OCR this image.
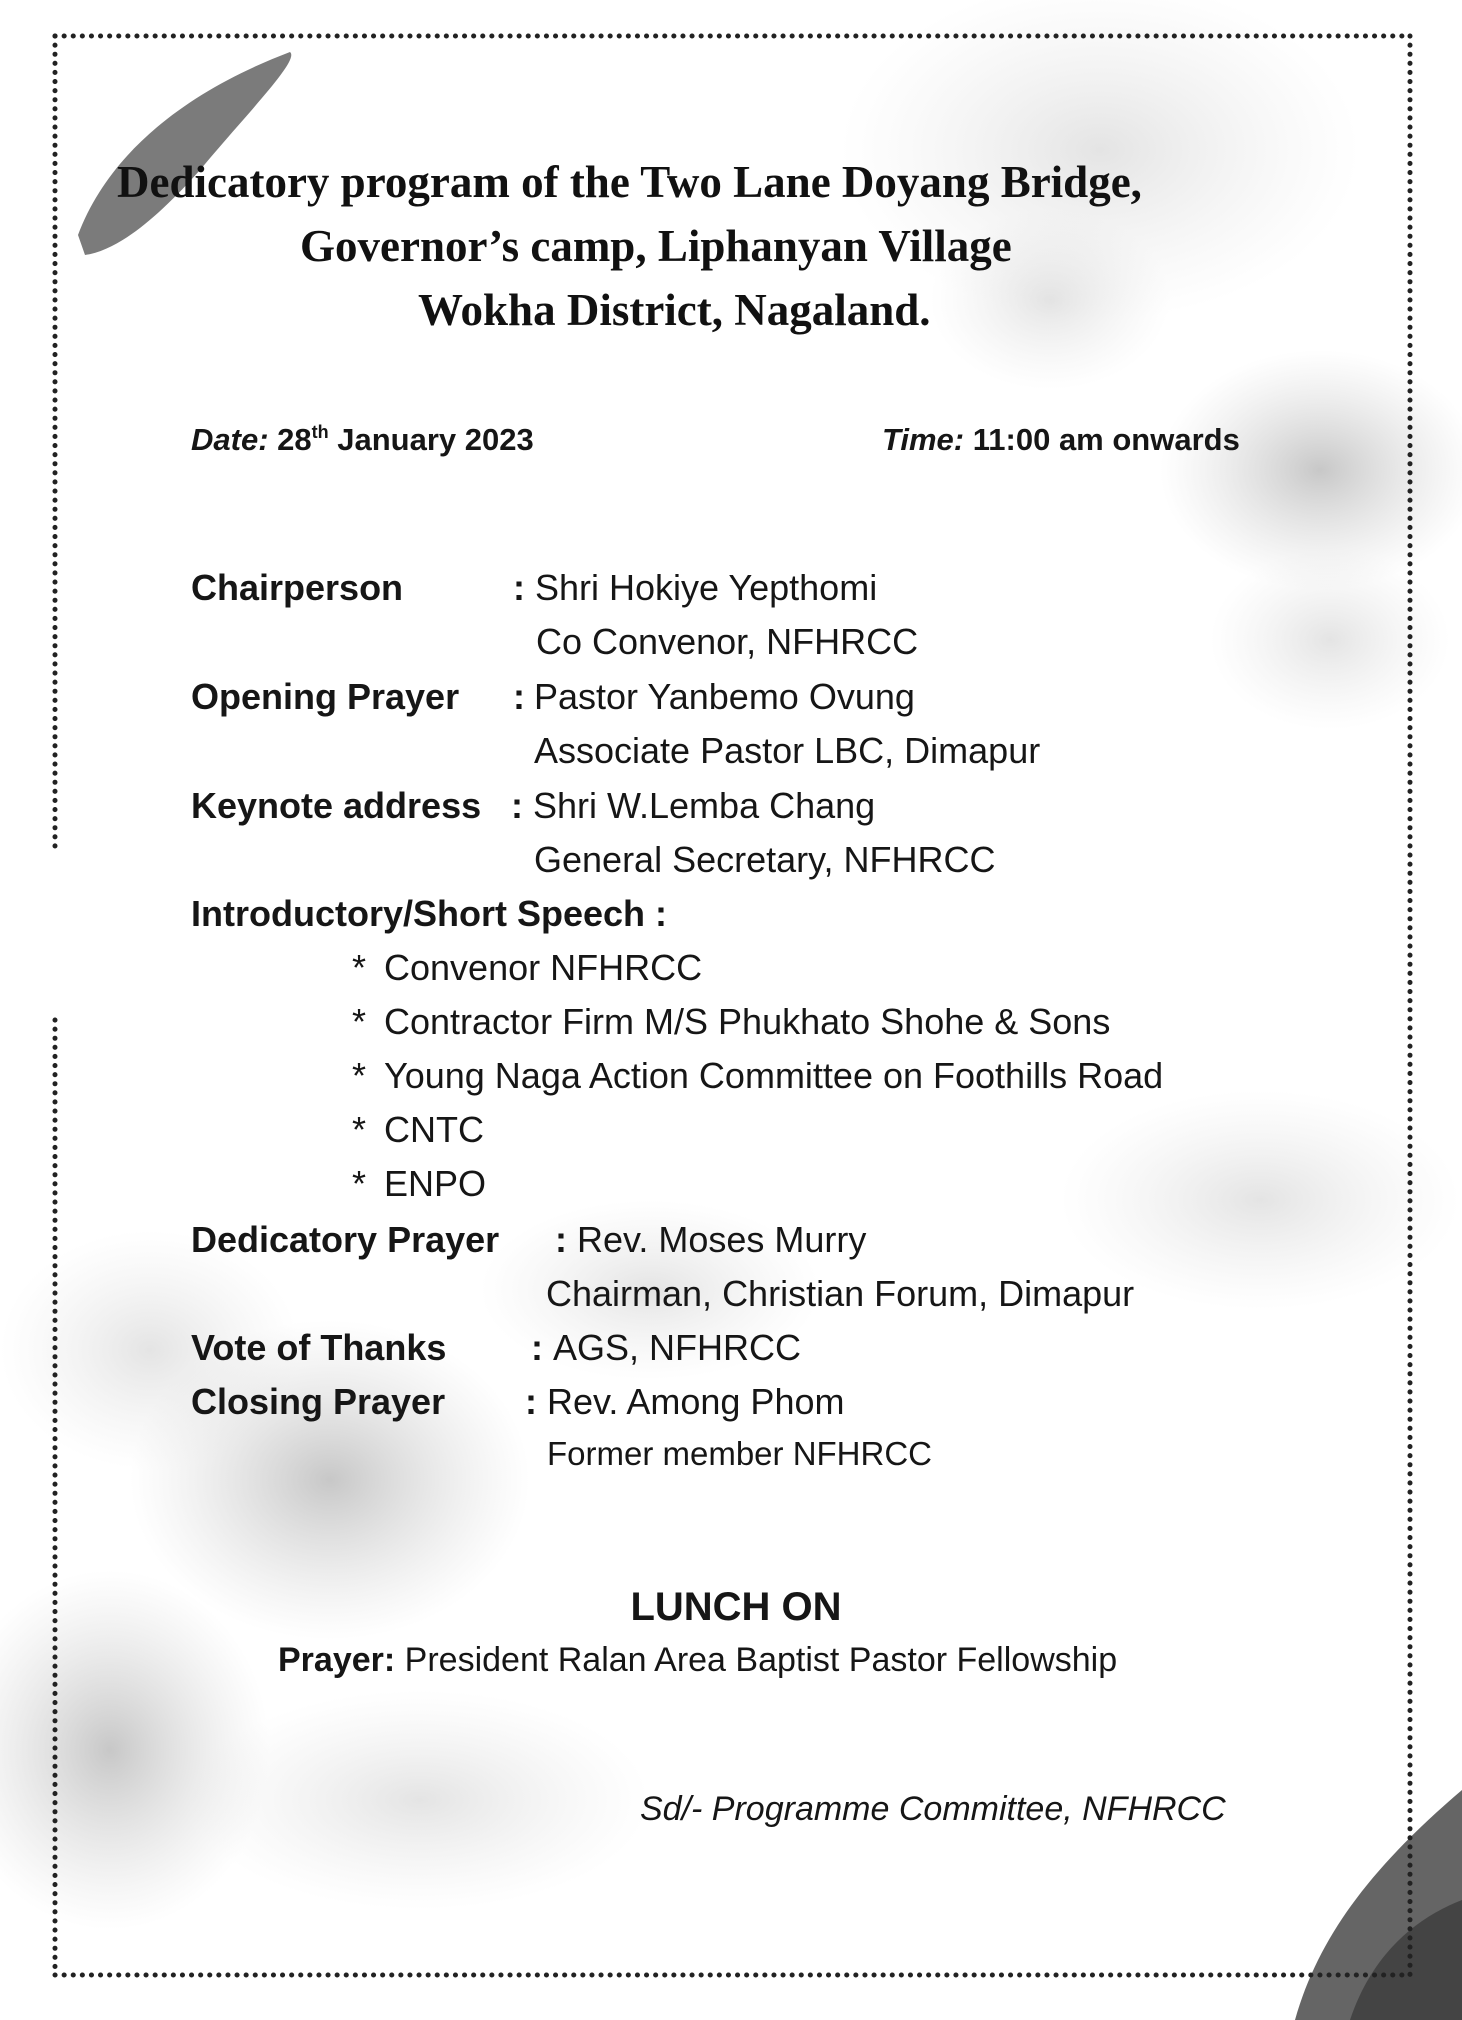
Dedicatory program of the Two Lane Doyang Bridge,
Governor’s camp, Liphanyan Village
Wokha District, Nagaland.
Date: 28th January 2023	Time: 11:00 am onwards
Chairperson	: Shri Hokiye Yepthomi
Co Convenor, NFHRCC
Opening Prayer : Pastor Yanbemo Ovung
Associate Pastor LBC, Dimapur
Keynote address : Shri W.Lemba Chang
General Secretary, NFHRCC
Introductory/Short Speech :
* Convenor NFHRCC
* Contractor Firm M/S Phukhato Shohe & Sons
* Young Naga Action Committee on Foothills Road
* CNTC
* ENPO
Dedicatory Prayer : Rev. Moses Murry
Chairman, Christian Forum, Dimapur
Vote of Thanks : AGS, NFHRCC
Closing Prayer : Rev. Among Phom
Former member NFHRCC
LUNCH ON
Prayer: President Ralan Area Baptist Pastor Fellowship
Sd/- Programme Committee, NFHRCC
